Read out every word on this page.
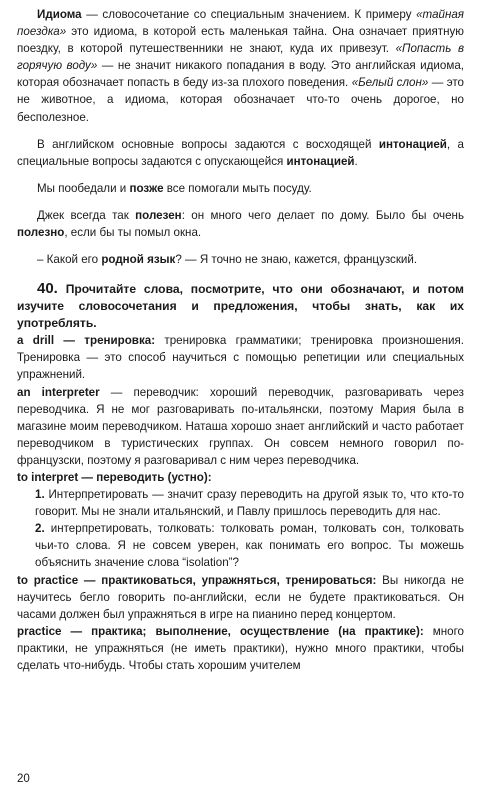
Идиома — словосочетание со специальным значением. К примеру «тайная поездка» это идиома, в которой есть маленькая тайна. Она означает приятную поездку, в которой путешественники не знают, куда их привезут. «Попасть в горячую воду» — не значит никакого попадания в воду. Это английская идиома, которая обозначает попасть в беду из-за плохого поведения. «Белый слон» — это не животное, а идиома, которая обозначает что-то очень дорогое, но бесполезное.

В английском основные вопросы задаются с восходящей интонацией, а специальные вопросы задаются с опускающейся интонацией.

Мы пообедали и позже все помогали мыть посуду.

Джек всегда так полезен: он много чего делает по дому. Было бы очень полезно, если бы ты помыл окна.

– Какой его родной язык? — Я точно не знаю, кажется, французский.

40. Прочитайте слова, посмотрите, что они обозначают, и потом изучите словосочетания и предложения, чтобы знать, как их употреблять.

a drill — тренировка: тренировка грамматики; тренировка произношения. Тренировка — это способ научиться с помощью репетиции или специальных упражнений.

an interpreter — переводчик: хороший переводчик, разговаривать через переводчика. Я не мог разговаривать по-итальянски, поэтому Мария была в магазине моим переводчиком. Наташа хорошо знает английский и часто работает переводчиком в туристических группах. Он совсем немного говорил по-французски, поэтому я разговаривал с ним через переводчика.

to interpret — переводить (устно):
1. Интерпретировать — значит сразу переводить на другой язык то, что кто-то говорит. Мы не знали итальянский, и Павлу пришлось переводить для нас.
2. интерпретировать, толковать: толковать роман, толковать сон, толковать чьи-то слова. Я не совсем уверен, как понимать его вопрос. Ты можешь объяснить значение слова “isolation”?

to practice — практиковаться, упражняться, тренироваться: Вы никогда не научитесь бегло говорить по-английски, если не будете практиковаться. Он часами должен был упражняться в игре на пианино перед концертом.

practice — практика; выполнение, осуществление (на практике): много практики, не упражняться (не иметь практики), нужно много практики, чтобы сделать что-нибудь. Чтобы стать хорошим учителем

20
